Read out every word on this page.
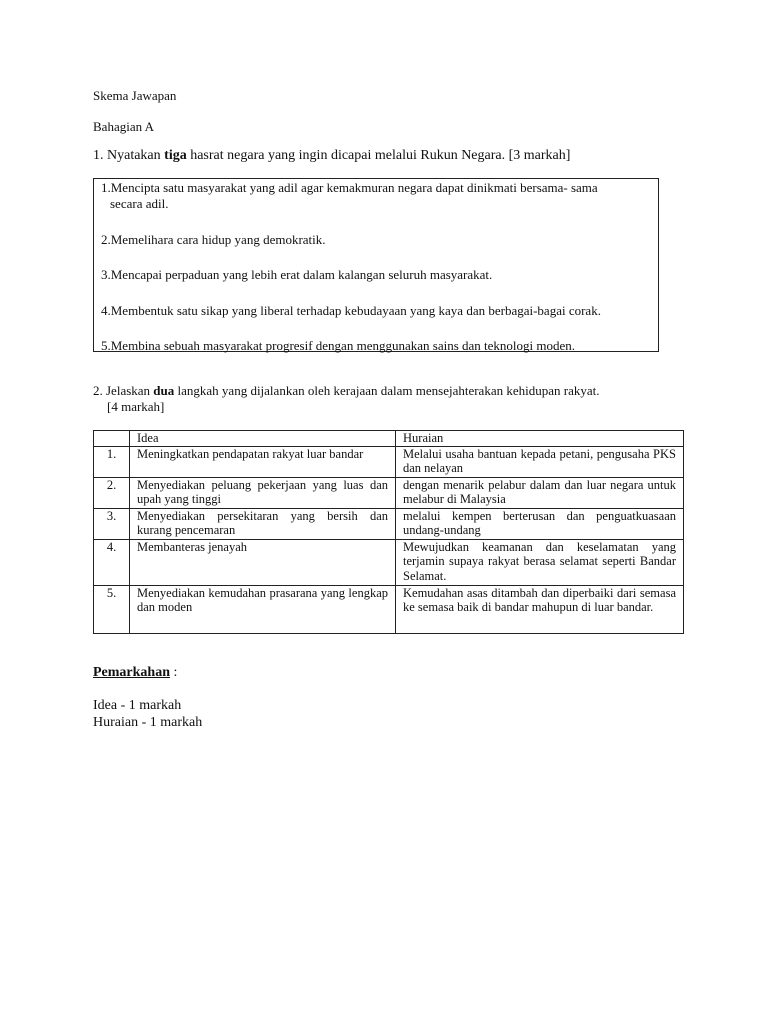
Skema Jawapan
Bahagian A
1. Nyatakan tiga hasrat negara yang ingin dicapai melalui Rukun Negara. [3 markah]
1.Mencipta satu masyarakat yang adil agar kemakmuran negara dapat dinikmati bersama- sama
secara adil.
2.Memelihara cara hidup yang demokratik.
3.Mencapai perpaduan yang lebih erat dalam kalangan seluruh masyarakat.
4.Membentuk satu sikap yang liberal terhadap kebudayaan yang kaya dan berbagai-bagai corak.
5.Membina sebuah masyarakat progresif dengan menggunakan sains dan teknologi moden.
2. Jelaskan dua langkah yang dijalankan oleh kerajaan dalam mensejahterakan kehidupan rakyat.
[4 markah]
	Idea	Huraian
1.	Meningkatkan pendapatan rakyat luar bandar	Melalui usaha bantuan kepada petani, pengusaha PKS dan nelayan
2.	Menyediakan peluang pekerjaan yang luas dan upah yang tinggi	dengan menarik pelabur dalam dan luar negara untuk melabur di Malaysia
3.	Menyediakan persekitaran yang bersih dan kurang pencemaran	melalui kempen berterusan dan penguatkuasaan undang-undang
4.	Membanteras jenayah	Mewujudkan keamanan dan keselamatan yang terjamin supaya rakyat berasa selamat seperti Bandar Selamat.
5.	Menyediakan kemudahan prasarana yang lengkap dan moden	Kemudahan asas ditambah dan diperbaiki dari semasa ke semasa baik di bandar mahupun di luar bandar.
Pemarkahan :
Idea - 1 markah
Huraian - 1 markah
